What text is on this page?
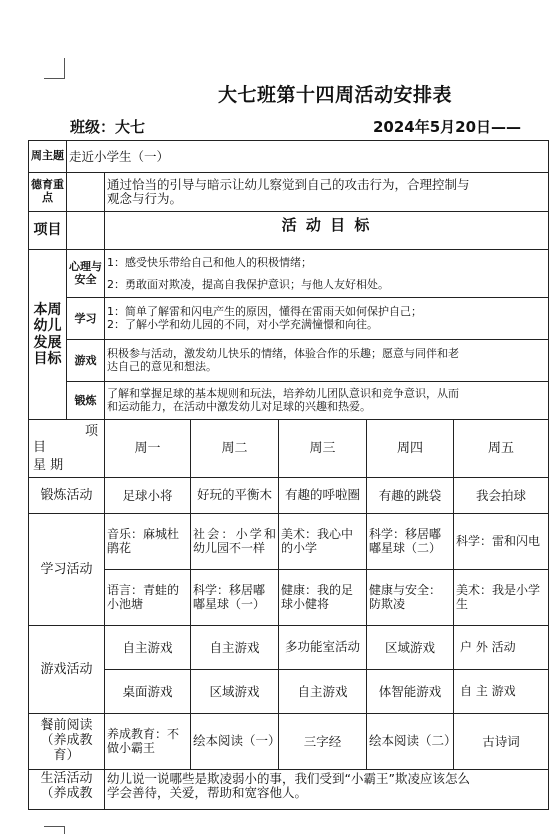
大七班第十四周活动安排表
班级：大七	2024年5月20日——
周主题	走近小学生（一）					
德育重点		通过恰当的引导与暗示让幼儿察觉到自己的攻击行为，合理控制与
观念与行为。				

项目		活 动 目 标				
本周幼儿发展目标	心理与安全	1：感受快乐带给自己和他人的积极情绪；
2：勇敢面对欺凌，提高自我保护意识；与他人友好相处。				

	学习	1：简单了解雷和闪电产生的原因，懂得在雷雨天如何保护自己；
2：了解小学和幼儿园的不同，对小学充满憧憬和向往。				

	游戏	积极参与活动，激发幼儿快乐的情绪，体验合作的乐趣；愿意与同伴和老
达自己的意见和想法。				

	锻炼	了解和掌握足球的基本规则和玩法，培养幼儿团队意识和竞争意识，从而
和运动能力，在活动中激发幼儿对足球的兴趣和热爱。				

项
目
星 期		周一	周二	周三	周四	周五
锻炼活动		足球小将	好玩的平衡木	有趣的呼啦圈	有趣的跳袋	我会拍球
学习活动		音乐：麻城杜鹃花	社会：小学和幼儿园不一样	美术：我心中的小学	科学：移居嘟嘟星球（二）	科学：雷和闪电
		语言：青蛙的小池塘	科学：移居嘟嘟星球（一）	健康：我的足球小健将	健康与安全：防欺凌	美术：我是小学生
游戏活动		自主游戏	自主游戏	多功能室活动	区域游戏	户 外 活动
		桌面游戏	区域游戏	自主游戏	体智能游戏	自 主 游戏
餐前阅读（养成教育）		养成教育：不做小霸王	绘本阅读（一）	三字经	绘本阅读（二）	古诗词
生活活动（养成教		幼儿说一说哪些是欺凌弱小的事，我们受到“小霸王”欺凌应该怎么
学会善待，关爱，帮助和宽容他人。				
